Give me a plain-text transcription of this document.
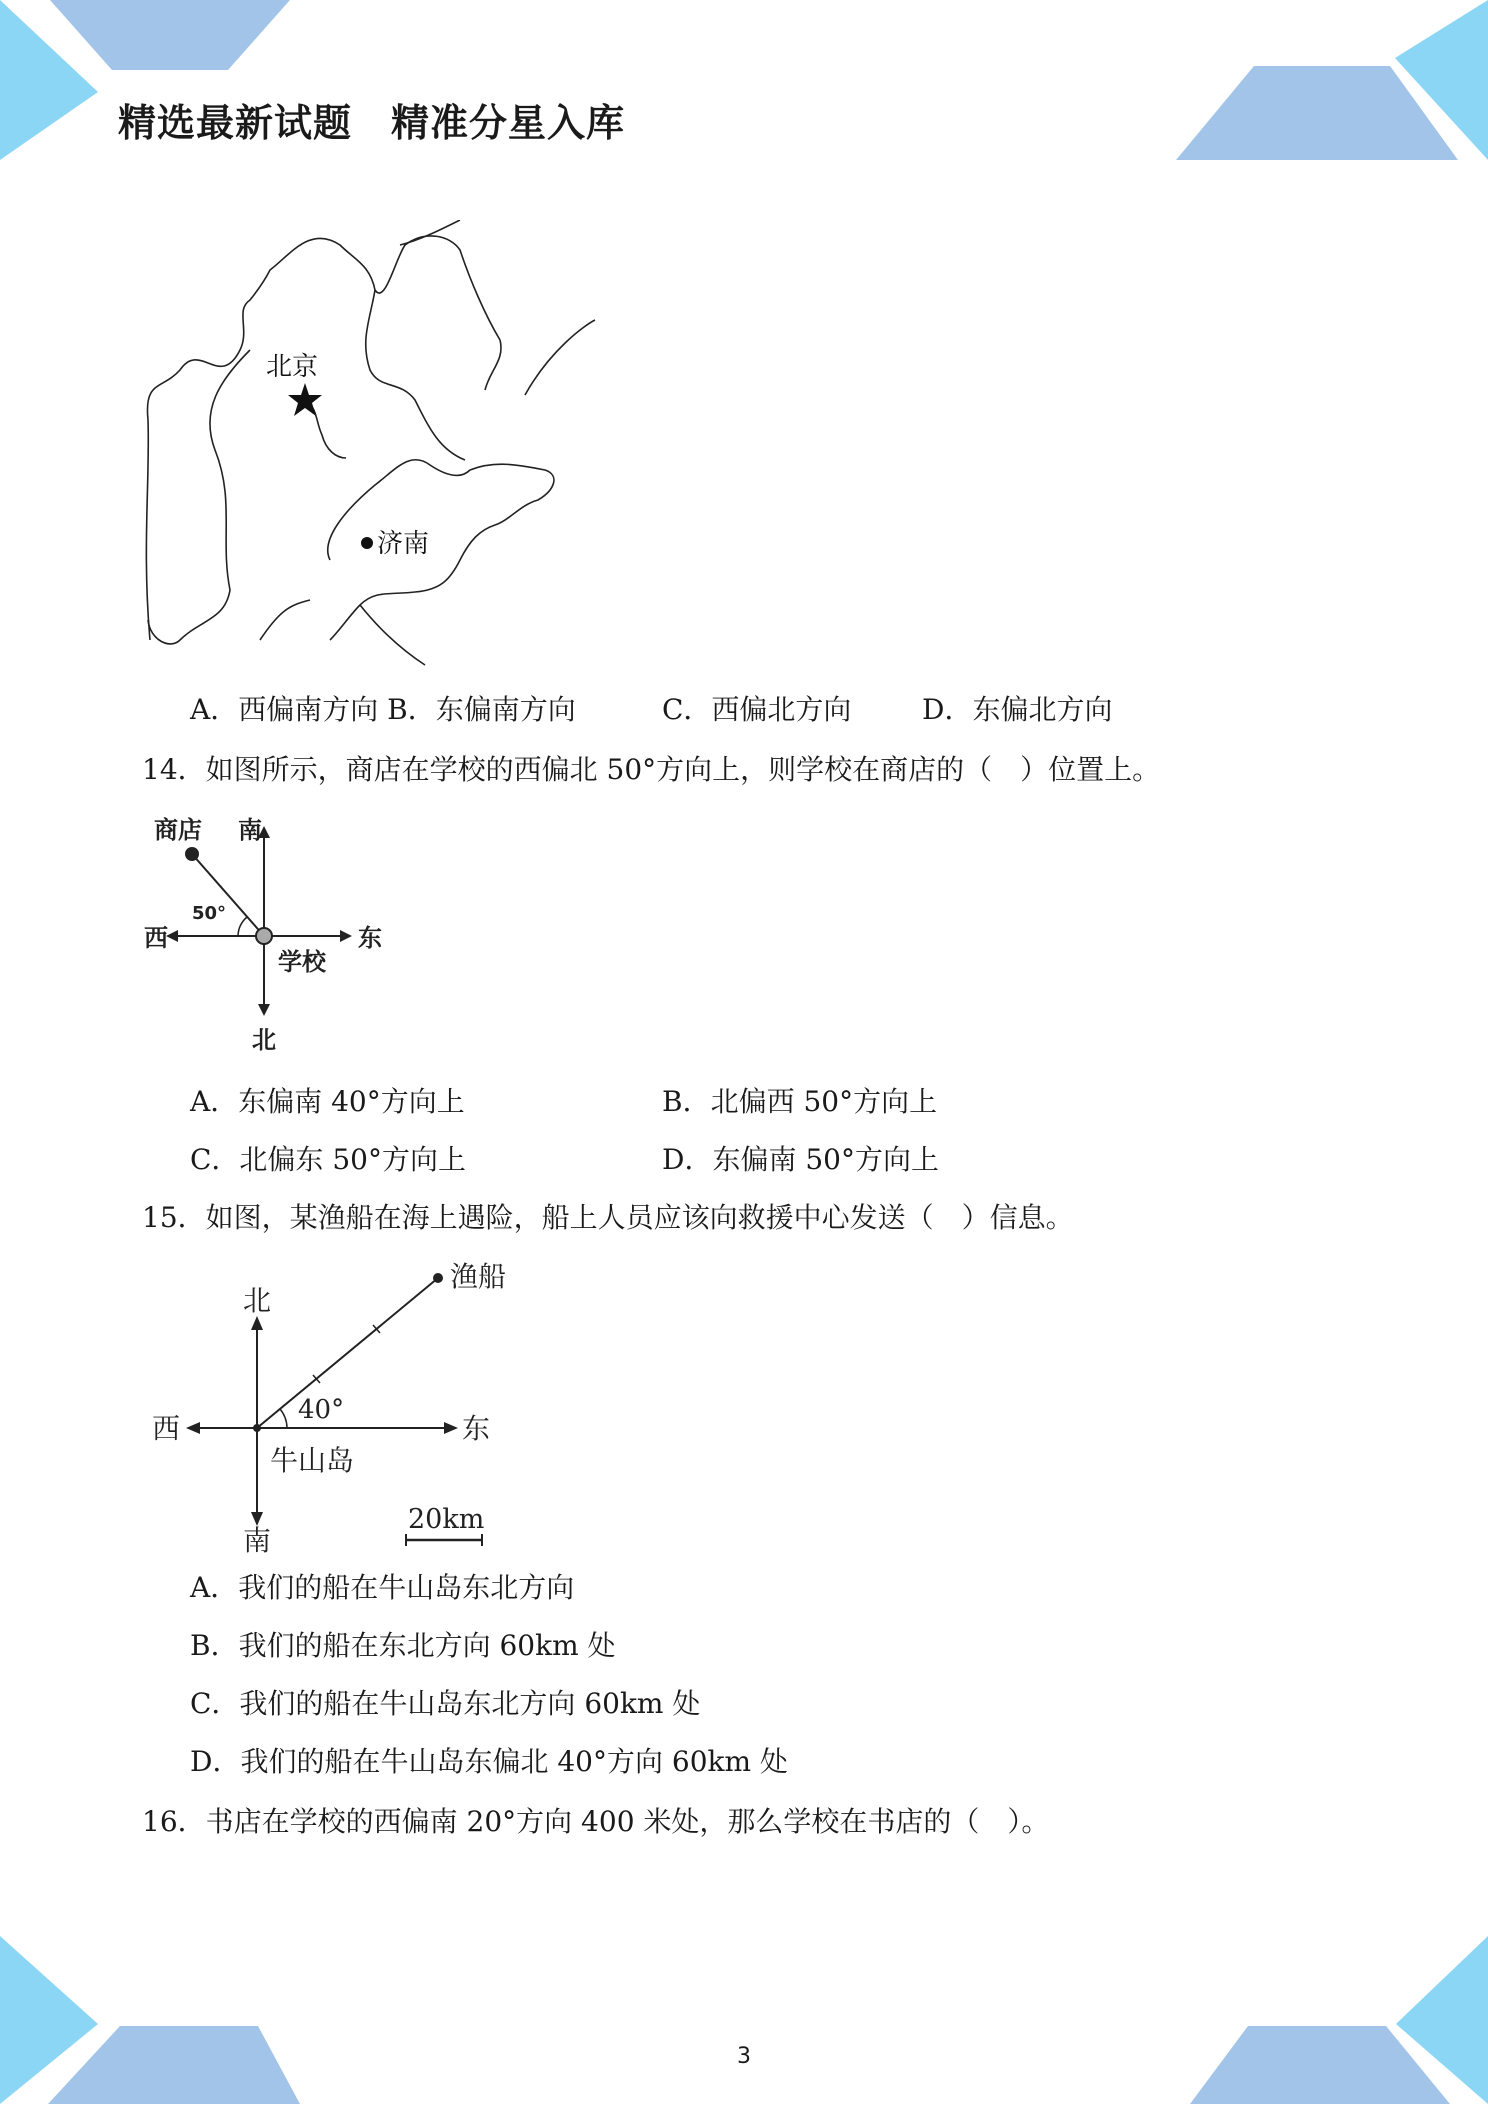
精选最新试题　精准分星入库
北京
济南
A．西偏南方向 B．东偏南方向	C．西偏北方向	D．东偏北方向
14．如图所示，商店在学校的西偏北 50°方向上，则学校在商店的（　）位置上。
商店 南
50°
西	东
学校
北
A．东偏南 40°方向上	B．北偏西 50°方向上
C．北偏东 50°方向上	D．东偏南 50°方向上
15．如图，某渔船在海上遇险，船上人员应该向救援中心发送（　）信息。
渔船
北
40°
西	东
牛山岛
南
20km
A．我们的船在牛山岛东北方向
B．我们的船在东北方向 60km 处
C．我们的船在牛山岛东北方向 60km 处
D．我们的船在牛山岛东偏北 40°方向 60km 处
16．书店在学校的西偏南 20°方向 400 米处，那么学校在书店的（　）。
3
